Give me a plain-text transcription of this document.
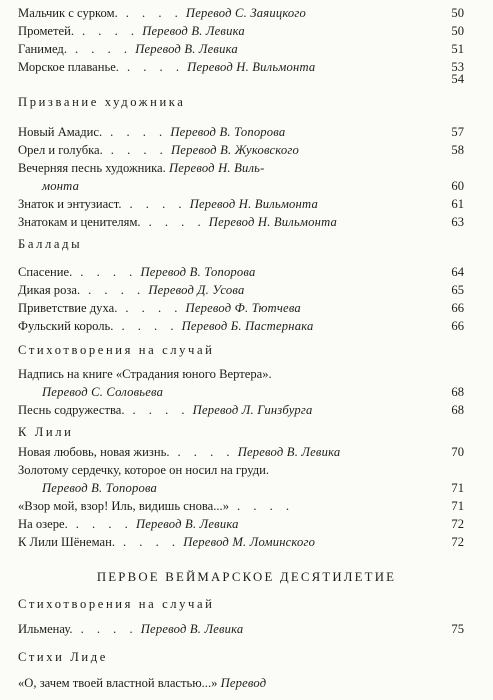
Мальчик с сурком. . . . . Перевод С. Заяицкого	50
Прометей. . . . . Перевод В. Левика	50
Ганимед. . . . . Перевод В. Левика	51
Морское плаванье. . . . . Перевод Н. Вильмонта	53
54
Призвание художника
Новый Амадис. . . . . Перевод В. Топорова	57
Орел и голубка. . . . . Перевод В. Жуковского	58
Вечерняя песнь художника. Перевод Н. Виль-
монта	60
Знаток и энтузиаст. . . . . Перевод Н. Вильмонта	61
Знатокам и ценителям. . . . . Перевод Н. Вильмонта	63
Баллады
Спасение. . . . . Перевод В. Топорова	64
Дикая роза. . . . . Перевод Д. Усова	65
Приветствие духа. . . . . Перевод Ф. Тютчева	66
Фульский король. . . . . Перевод Б. Пастернака	66
Стихотворения на случай
Надпись на книге «Страдания юного Вертера».
Перевод С. Соловьева	68
Песнь содружества. . . . . Перевод Л. Гинзбурга	68
К Лили
Новая любовь, новая жизнь. . . . . Перевод В. Левика	70
Золотому сердечку, которое он носил на груди.
Перевод В. Топорова	71
«Взор мой, взор! Иль, видишь снова...» . . . .	71
На озере. . . . . Перевод В. Левика	72
К Лили Шёнеман. . . . . Перевод М. Ломинского	72
ПЕРВОЕ ВЕЙМАРСКОЕ ДЕСЯТИЛЕТИЕ
Стихотворения на случай
Ильменау. . . . . Перевод В. Левика	75
Стихи Лиде
«О, зачем твоей властной властью...» Перевод
